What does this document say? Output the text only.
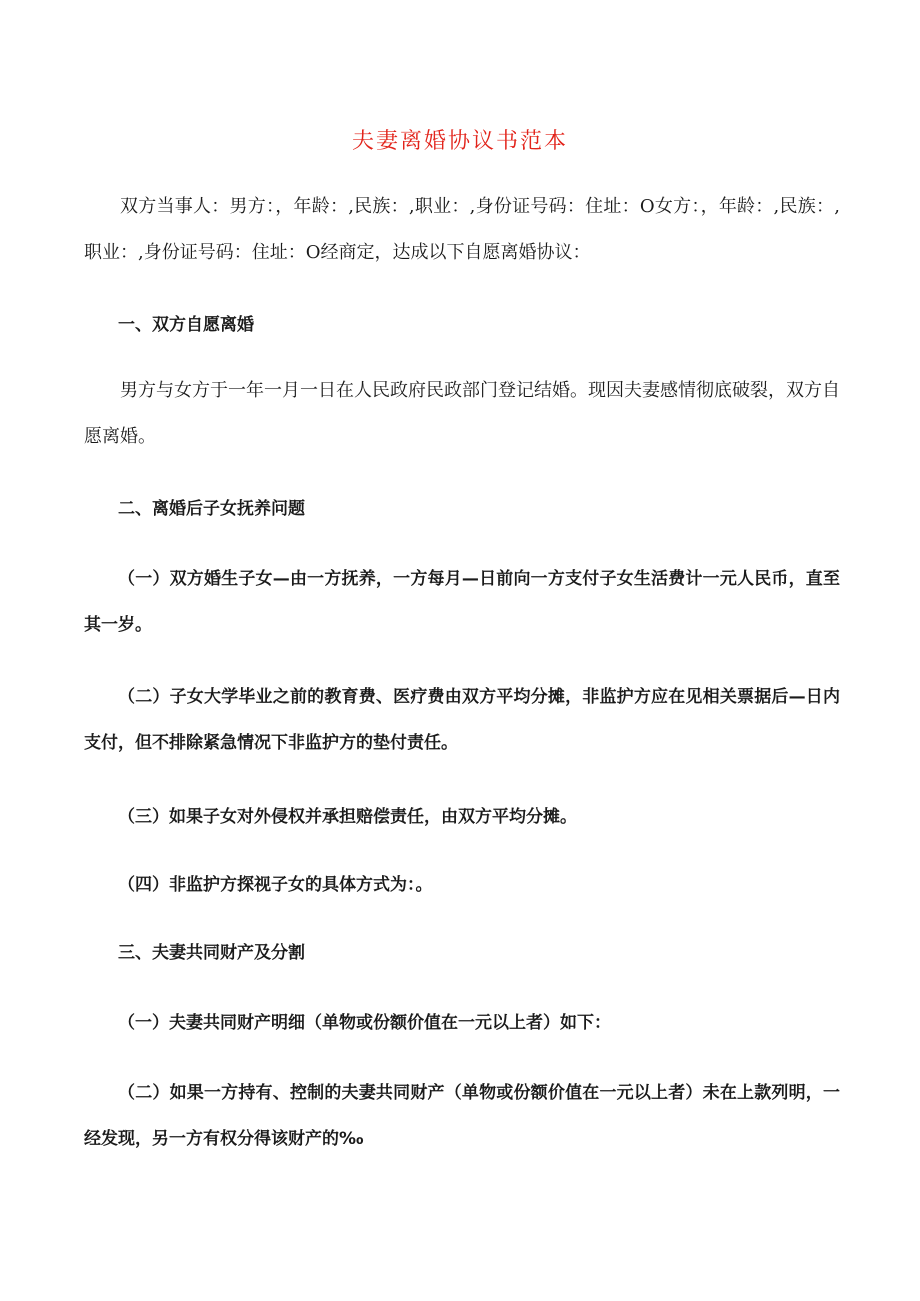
夫妻离婚协议书范本
双方当事人：男方：，年龄：,民族：,职业：,身份证号码：住址：O女方：，年龄：,民族：,职业：,身份证号码：住址：O经商定，达成以下自愿离婚协议：
一、双方自愿离婚
男方与女方于一年一月一日在人民政府民政部门登记结婚。现因夫妻感情彻底破裂，双方自愿离婚。
二、离婚后子女抚养问题
（一）双方婚生子女—由一方抚养，一方每月—日前向一方支付子女生活费计一元人民币，直至其一岁。
（二）子女大学毕业之前的教育费、医疗费由双方平均分摊，非监护方应在见相关票据后—日内支付，但不排除紧急情况下非监护方的垫付责任。
（三）如果子女对外侵权并承担赔偿责任，由双方平均分摊。
（四）非监护方探视子女的具体方式为：。
三、夫妻共同财产及分割
（一）夫妻共同财产明细（单物或份额价值在一元以上者）如下：
（二）如果一方持有、控制的夫妻共同财产（单物或份额价值在一元以上者）未在上款列明，一经发现，另一方有权分得该财产的‰
